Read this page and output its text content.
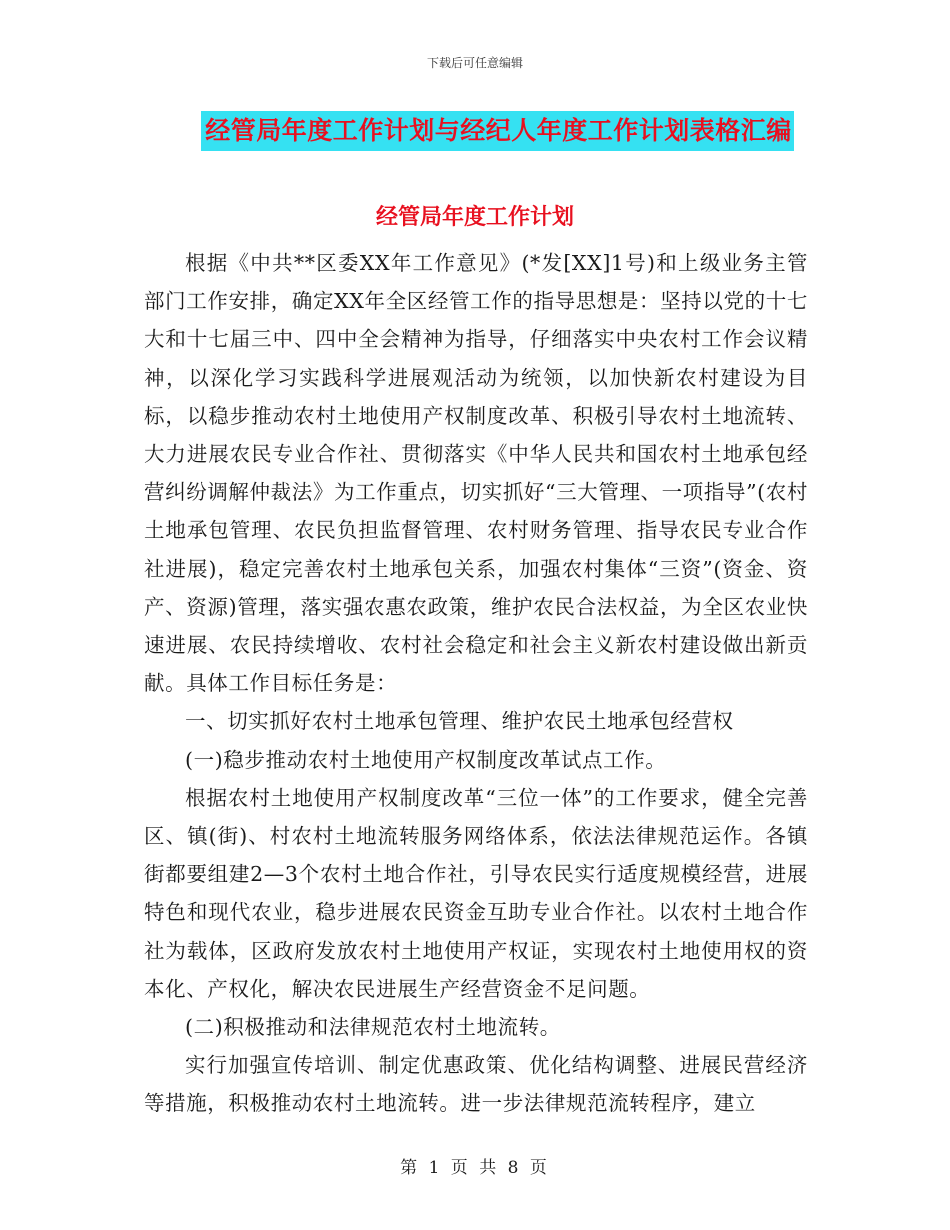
下载后可任意编辑
经管局年度工作计划与经纪人年度工作计划表格汇编
经管局年度工作计划

根据《中共**区委XX年工作意见》(*发[XX]1号)和上级业务主管部门工作安排，确定XX年全区经管工作的指导思想是：坚持以党的十七大和十七届三中、四中全会精神为指导，仔细落实中央农村工作会议精神，以深化学习实践科学进展观活动为统领，以加快新农村建设为目标，以稳步推动农村土地使用产权制度改革、积极引导农村土地流转、大力进展农民专业合作社、贯彻落实《中华人民共和国农村土地承包经营纠纷调解仲裁法》为工作重点，切实抓好“三大管理、一项指导”(农村土地承包管理、农民负担监督管理、农村财务管理、指导农民专业合作社进展)，稳定完善农村土地承包关系，加强农村集体“三资”(资金、资产、资源)管理，落实强农惠农政策，维护农民合法权益，为全区农业快速进展、农民持续增收、农村社会稳定和社会主义新农村建设做出新贡献。具体工作目标任务是：

一、切实抓好农村土地承包管理、维护农民土地承包经营权

(一)稳步推动农村土地使用产权制度改革试点工作。

根据农村土地使用产权制度改革“三位一体”的工作要求，健全完善区、镇(街)、村农村土地流转服务网络体系，依法法律规范运作。各镇街都要组建2—3个农村土地合作社，引导农民实行适度规模经营，进展特色和现代农业，稳步进展农民资金互助专业合作社。以农村土地合作社为载体，区政府发放农村土地使用产权证，实现农村土地使用权的资本化、产权化，解决农民进展生产经营资金不足问题。

(二)积极推动和法律规范农村土地流转。

实行加强宣传培训、制定优惠政策、优化结构调整、进展民营经济等措施，积极推动农村土地流转。进一步法律规范流转程序，建立

第 1 页 共 8 页
